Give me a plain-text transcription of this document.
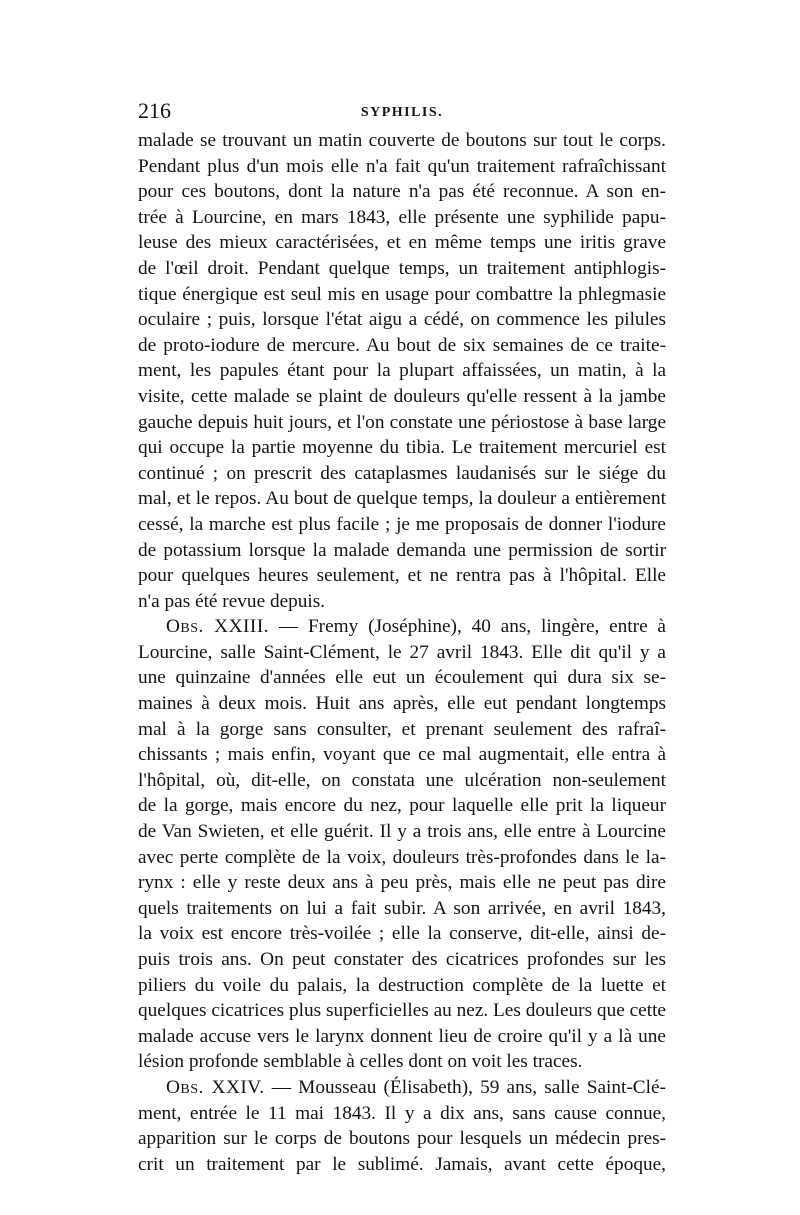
216	SYPHILIS.
malade se trouvant un matin couverte de boutons sur tout le corps.
Pendant plus d'un mois elle n'a fait qu'un traitement rafraîchissant
pour ces boutons, dont la nature n'a pas été reconnue. A son en-
trée à Lourcine, en mars 1843, elle présente une syphilide papu-
leuse des mieux caractérisées, et en même temps une iritis grave
de l'œil droit. Pendant quelque temps, un traitement antiphlogis-
tique énergique est seul mis en usage pour combattre la phlegmasie
oculaire ; puis, lorsque l'état aigu a cédé, on commence les pilules
de proto-iodure de mercure. Au bout de six semaines de ce traite-
ment, les papules étant pour la plupart affaissées, un matin, à la
visite, cette malade se plaint de douleurs qu'elle ressent à la jambe
gauche depuis huit jours, et l'on constate une périostose à base large
qui occupe la partie moyenne du tibia. Le traitement mercuriel est
continué ; on prescrit des cataplasmes laudanisés sur le siége du
mal, et le repos. Au bout de quelque temps, la douleur a entièrement
cessé, la marche est plus facile ; je me proposais de donner l'iodure
de potassium lorsque la malade demanda une permission de sortir
pour quelques heures seulement, et ne rentra pas à l'hôpital. Elle
n'a pas été revue depuis.
Obs. XXIII. — Fremy (Joséphine), 40 ans, lingère, entre à
Lourcine, salle Saint-Clément, le 27 avril 1843. Elle dit qu'il y a
une quinzaine d'années elle eut un écoulement qui dura six se-
maines à deux mois. Huit ans après, elle eut pendant longtemps
mal à la gorge sans consulter, et prenant seulement des rafraî-
chissants ; mais enfin, voyant que ce mal augmentait, elle entra à
l'hôpital, où, dit-elle, on constata une ulcération non-seulement
de la gorge, mais encore du nez, pour laquelle elle prit la liqueur
de Van Swieten, et elle guérit. Il y a trois ans, elle entre à Lourcine
avec perte complète de la voix, douleurs très-profondes dans le la-
rynx : elle y reste deux ans à peu près, mais elle ne peut pas dire
quels traitements on lui a fait subir. A son arrivée, en avril 1843,
la voix est encore très-voilée ; elle la conserve, dit-elle, ainsi de-
puis trois ans. On peut constater des cicatrices profondes sur les
piliers du voile du palais, la destruction complète de la luette et
quelques cicatrices plus superficielles au nez. Les douleurs que cette
malade accuse vers le larynx donnent lieu de croire qu'il y a là une
lésion profonde semblable à celles dont on voit les traces.
Obs. XXIV. — Mousseau (Élisabeth), 59 ans, salle Saint-Clé-
ment, entrée le 11 mai 1843. Il y a dix ans, sans cause connue,
apparition sur le corps de boutons pour lesquels un médecin pres-
crit un traitement par le sublimé. Jamais, avant cette époque,
